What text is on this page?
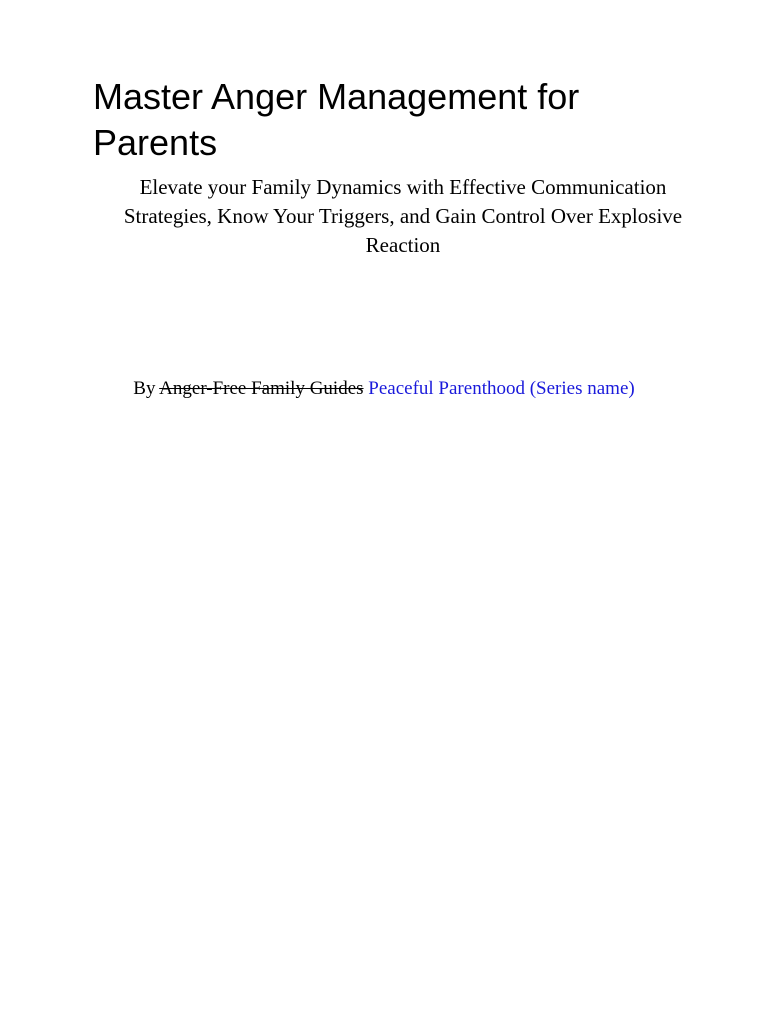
Master Anger Management for Parents

Elevate your Family Dynamics with Effective Communication Strategies, Know Your Triggers, and Gain Control Over Explosive Reaction

By Anger-Free Family Guides Peaceful Parenthood (Series name)
